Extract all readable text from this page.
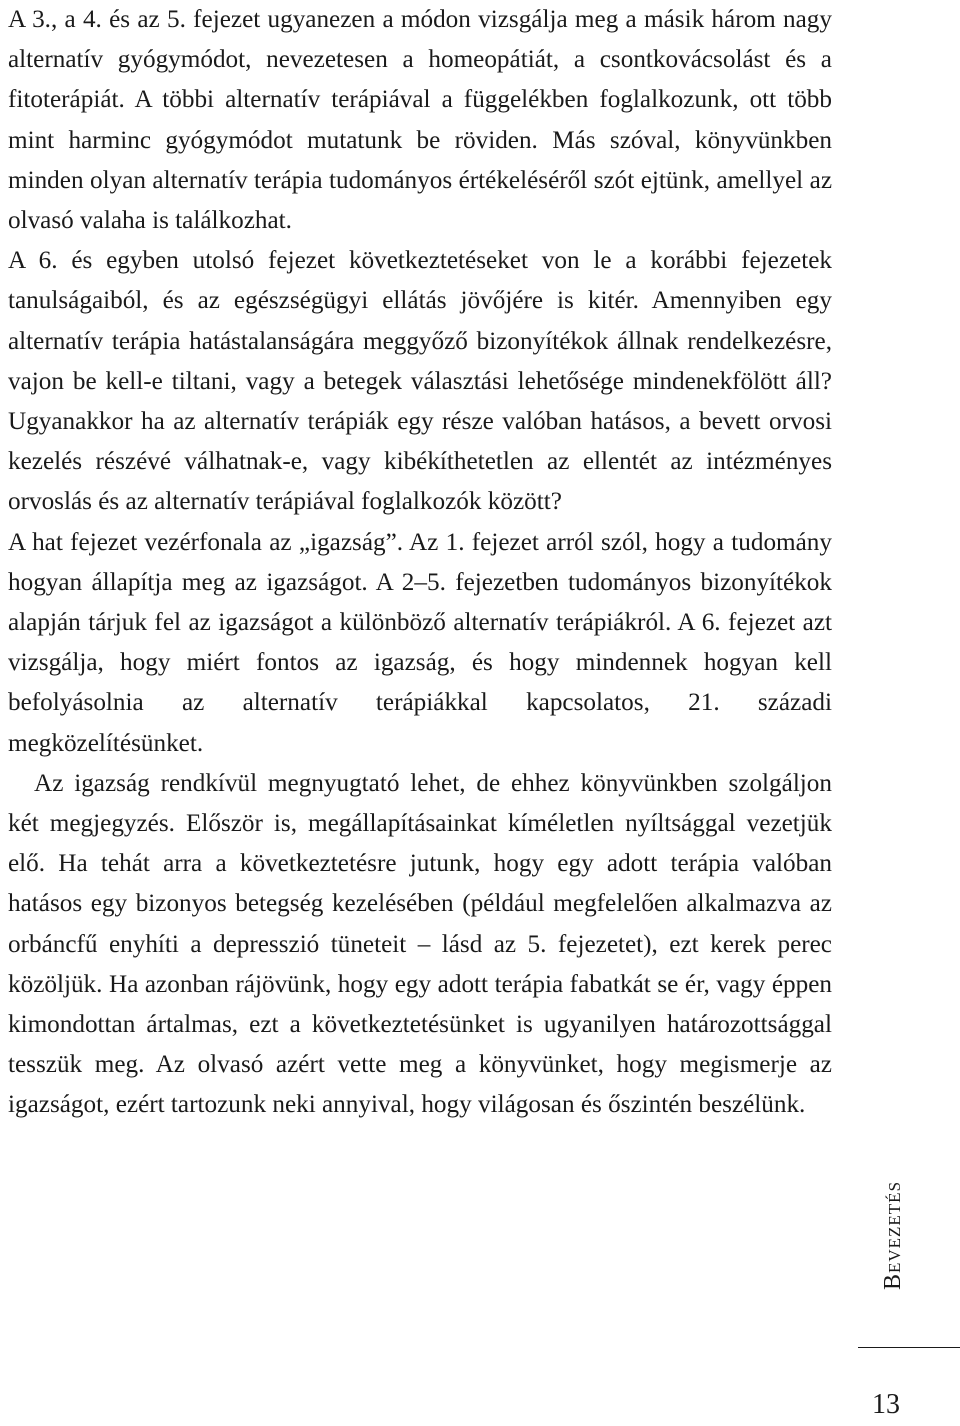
A 3., a 4. és az 5. fejezet ugyanezen a módon vizsgálja meg a másik három nagy alternatív gyógymódot, nevezetesen a homeopátiát, a csontkovácsolást és a fitoterápiát. A többi alternatív terápiával a függelékben foglalkozunk, ott több mint harminc gyógymódot mutatunk be röviden. Más szóval, könyvünkben minden olyan alternatív terápia tudományos értékeléséről szót ejtünk, amellyel az olvasó valaha is találkozhat.

A 6. és egyben utolsó fejezet következtetéseket von le a korábbi fejezetek tanulságaiból, és az egészségügyi ellátás jövőjére is kitér. Amennyiben egy alternatív terápia hatástalanságára meggyőző bizonyítékok állnak rendelkezésre, vajon be kell-e tiltani, vagy a betegek választási lehetősége mindenekfölött áll? Ugyanakkor ha az alternatív terápiák egy része valóban hatásos, a bevett orvosi kezelés részévé válhatnak-e, vagy kibékíthetetlen az ellentét az intézményes orvoslás és az alternatív terápiával foglalkozók között?

A hat fejezet vezérfonala az „igazság”. Az 1. fejezet arról szól, hogy a tudomány hogyan állapítja meg az igazságot. A 2–5. fejezetben tudományos bizonyítékok alapján tárjuk fel az igazságot a különböző alternatív terápiákról. A 6. fejezet azt vizsgálja, hogy miért fontos az igazság, és hogy mindennek hogyan kell befolyásolnia az alternatív terápiákkal kapcsolatos, 21. századi megközelítésünket.

Az igazság rendkívül megnyugtató lehet, de ehhez könyvünkben szolgáljon két megjegyzés. Először is, megállapításainkat kíméletlen nyíltsággal vezetjük elő. Ha tehát arra a következtetésre jutunk, hogy egy adott terápia valóban hatásos egy bizonyos betegség kezelésében (például megfelelően alkalmazva az orbáncfű enyhíti a depresszió tüneteit – lásd az 5. fejezetet), ezt kerek perec közöljük. Ha azonban rájövünk, hogy egy adott terápia fabatkát se ér, vagy éppen kimondottan ártalmas, ezt a következtetésünket is ugyanilyen határozottsággal tesszük meg. Az olvasó azért vette meg a könyvünket, hogy megismerje az igazságot, ezért tartozunk neki annyival, hogy világosan és őszintén beszélünk.

Bevezetés
13
